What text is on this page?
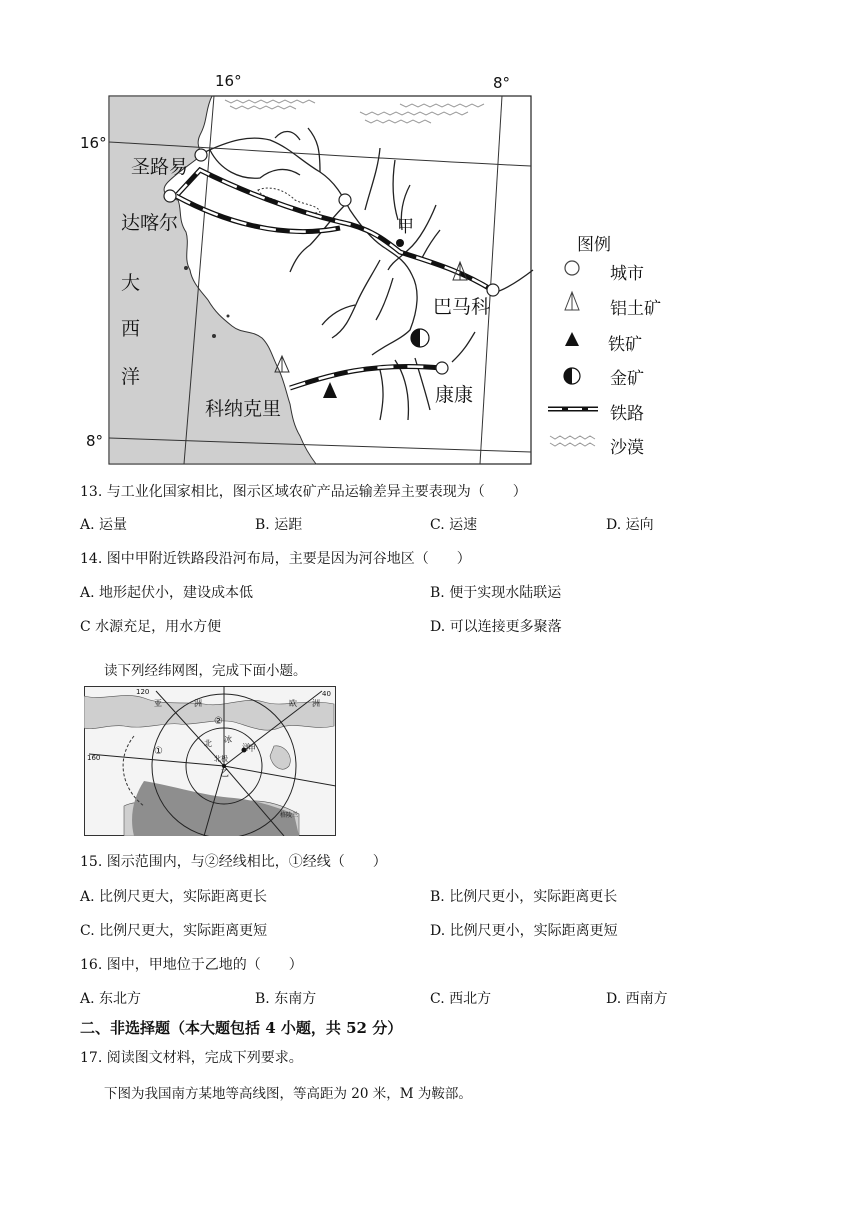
16°	8°
16°
8°
圣路易
达喀尔
大
西
洋
甲
巴马科
科纳克里
康康
图例
城市
铝土矿
铁矿
金矿
铁路
沙漠
13. 与工业化国家相比，图示区域农矿产品运输差异主要表现为（　　）
A. 运量	B. 运距	C. 运速	D. 运向
14. 图中甲附近铁路段沿河布局，主要是因为河谷地区（　　）
A. 地形起伏小，建设成本低	B. 便于实现水陆联运
C 水源充足，用水方便	D. 可以连接更多聚落
读下列经纬网图，完成下面小题。
120	40
160
亚	洲	欧 洲
北 冰
洋
甲
北极
乙
①
②
格陵兰
15. 图示范围内，与②经线相比，①经线（　　）
A. 比例尺更大，实际距离更长	B. 比例尺更小，实际距离更长
C. 比例尺更大，实际距离更短	D. 比例尺更小，实际距离更短
16. 图中，甲地位于乙地的（　　）
A. 东北方	B. 东南方	C. 西北方	D. 西南方
二、非选择题（本大题包括 4 小题，共 52 分）
17. 阅读图文材料，完成下列要求。
下图为我国南方某地等高线图，等高距为 20 米，M 为鞍部。
